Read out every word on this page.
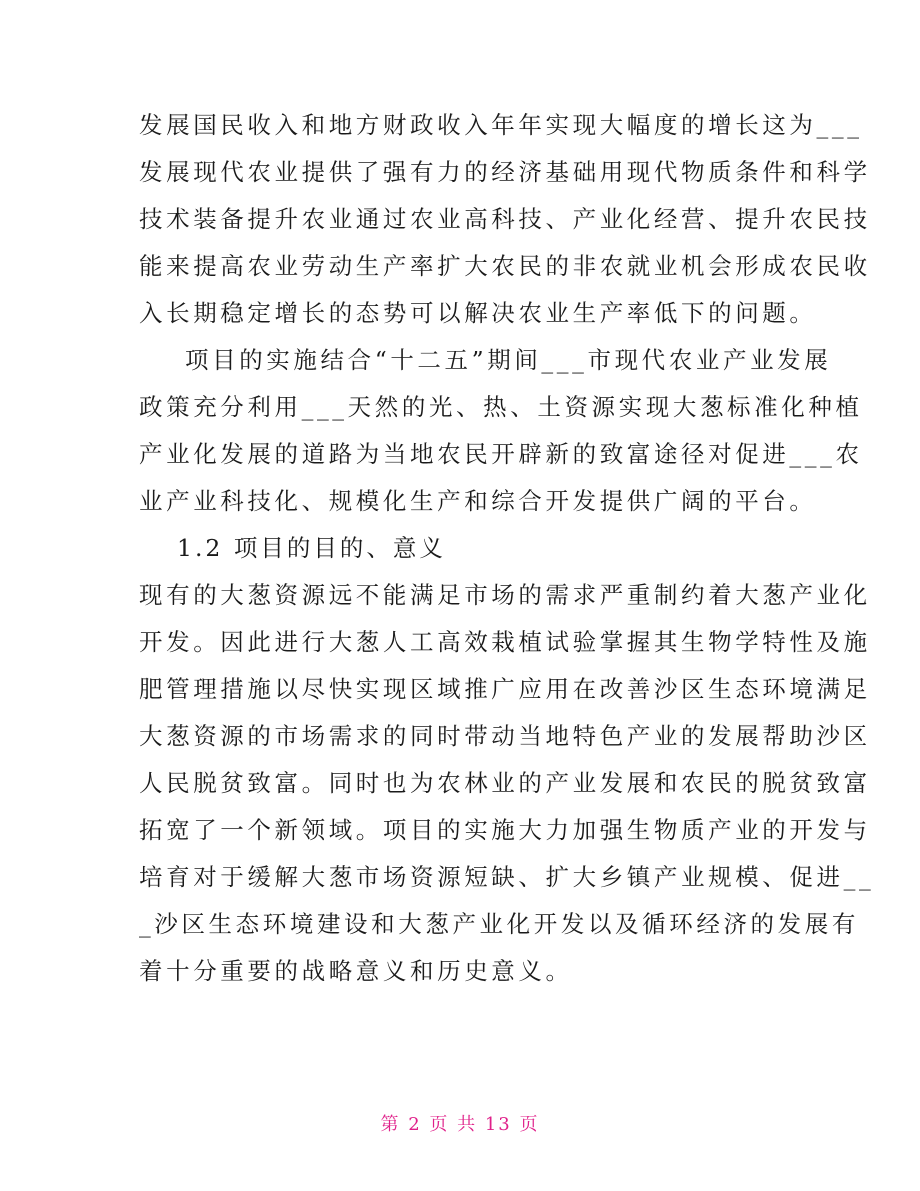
发展国民收入和地方财政收入年年实现大幅度的增长这为___

发展现代农业提供了强有力的经济基础用现代物质条件和科学

技术装备提升农业通过农业高科技、产业化经营、提升农民技

能来提高农业劳动生产率扩大农民的非农就业机会形成农民收

入长期稳定增长的态势可以解决农业生产率低下的问题。

项目的实施结合“十二五”期间___市现代农业产业发展

政策充分利用___天然的光、热、土资源实现大葱标准化种植

产业化发展的道路为当地农民开辟新的致富途径对促进___农

业产业科技化、规模化生产和综合开发提供广阔的平台。

1.2 项目的目的、意义

现有的大葱资源远不能满足市场的需求严重制约着大葱产业化

开发。因此进行大葱人工高效栽植试验掌握其生物学特性及施

肥管理措施以尽快实现区域推广应用在改善沙区生态环境满足

大葱资源的市场需求的同时带动当地特色产业的发展帮助沙区

人民脱贫致富。同时也为农林业的产业发展和农民的脱贫致富

拓宽了一个新领域。项目的实施大力加强生物质产业的开发与

培育对于缓解大葱市场资源短缺、扩大乡镇产业规模、促进__

_沙区生态环境建设和大葱产业化开发以及循环经济的发展有

着十分重要的战略意义和历史意义。

第 2 页 共 13 页
